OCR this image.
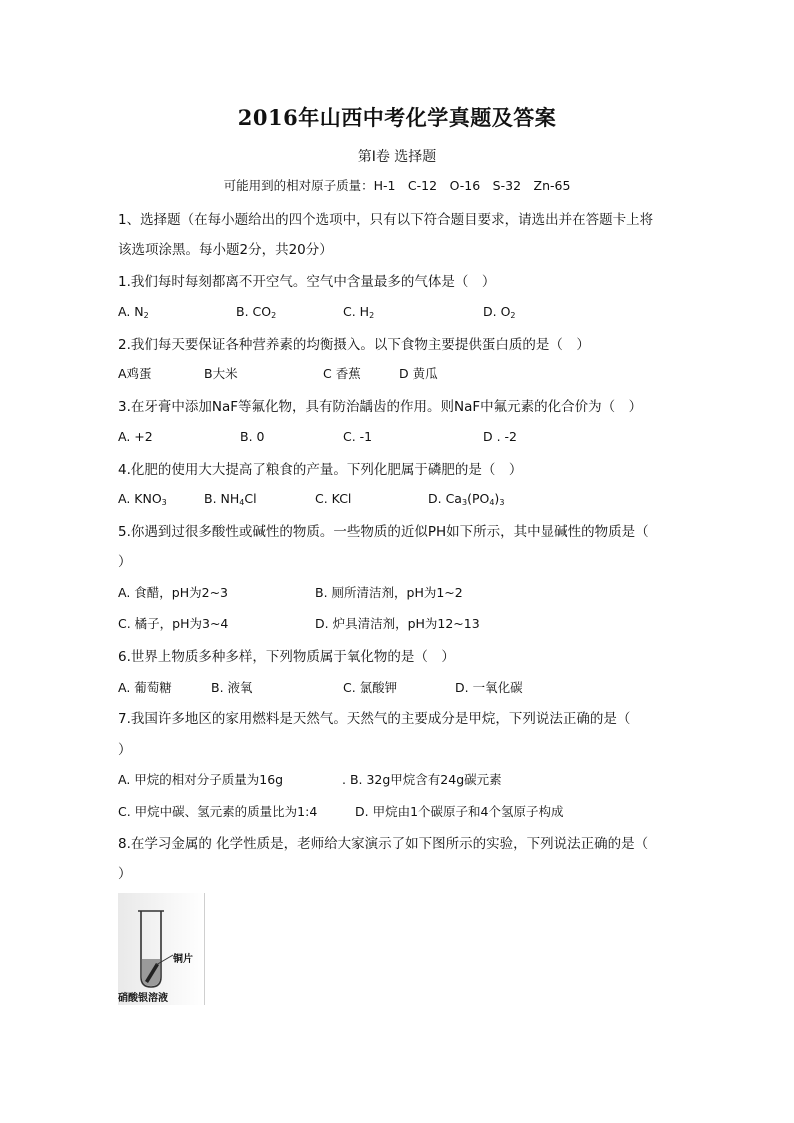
2016年山西中考化学真题及答案
第Ⅰ卷 选择题
可能用到的相对原子质量：H-1　C-12　O-16　S-32　Zn-65
1、选择题（在每小题给出的四个选项中，只有以下符合题目要求，请选出并在答题卡上将
该选项涂黑。每小题2分，共20分）
1.我们每时每刻都离不开空气。空气中含量最多的气体是（　）
A. $N_2$	B. $CO_2$	C. $H_2$	D. $O_2$
2.我们每天要保证各种营养素的均衡摄入。以下食物主要提供蛋白质的是（　）
A鸡蛋	B大米	C 香蕉	D 黄瓜
3.在牙膏中添加NaF等氟化物，具有防治龋齿的作用。则NaF中氟元素的化合价为（　）
A. +2	B. 0	C. -1	D . -2
4.化肥的使用大大提高了粮食的产量。下列化肥属于磷肥的是（　）
A. $KNO_3$	B. $NH_4Cl$	C. KCl	D. $Ca_3(PO_4)_3$
5.你遇到过很多酸性或碱性的物质。一些物质的近似PH如下所示，其中显碱性的物质是（
）
A. 食醋，pH为2~3	B. 厕所清洁剂，pH为1~2
C. 橘子，pH为3~4	D. 炉具清洁剂，pH为12~13
6.世界上物质多种多样，下列物质属于氧化物的是（　）
A. 葡萄糖	B. 液氧	C. 氯酸钾	D. 一氧化碳
7.我国许多地区的家用燃料是天然气。天然气的主要成分是甲烷，下列说法正确的是（
）
A. 甲烷的相对分子质量为16g	. B. 32g甲烷含有24g碳元素
C. 甲烷中碳、氢元素的质量比为1:4	D. 甲烷由1个碳原子和4个氢原子构成
8.在学习金属的 化学性质是，老师给大家演示了如下图所示的实验，下列说法正确的是（
）
铜片
硝酸银溶液
